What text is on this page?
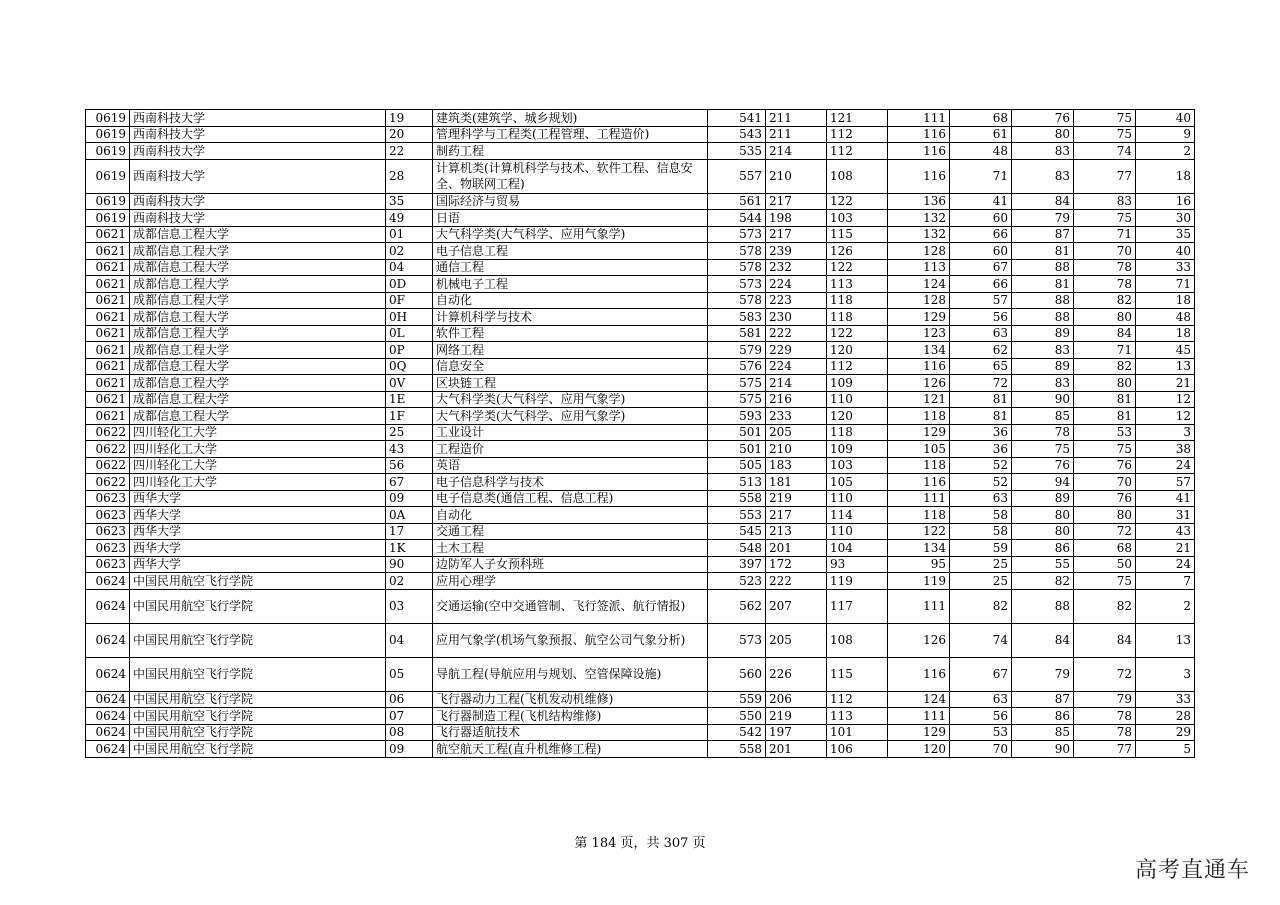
0619	西南科技大学	19	建筑类(建筑学、城乡规划)	541	211	121	111	68	76	75	40
0619	西南科技大学	20	管理科学与工程类(工程管理、工程造价)	543	211	112	116	61	80	75	9
0619	西南科技大学	22	制药工程	535	214	112	116	48	83	74	2
0619	西南科技大学	28	计算机类(计算机科学与技术、软件工程、信息安全、物联网工程)	557	210	108	116	71	83	77	18
0619	西南科技大学	35	国际经济与贸易	561	217	122	136	41	84	83	16
0619	西南科技大学	49	日语	544	198	103	132	60	79	75	30
0621	成都信息工程大学	01	大气科学类(大气科学、应用气象学)	573	217	115	132	66	87	71	35
0621	成都信息工程大学	02	电子信息工程	578	239	126	128	60	81	70	40
0621	成都信息工程大学	04	通信工程	578	232	122	113	67	88	78	33
0621	成都信息工程大学	0D	机械电子工程	573	224	113	124	66	81	78	71
0621	成都信息工程大学	0F	自动化	578	223	118	128	57	88	82	18
0621	成都信息工程大学	0H	计算机科学与技术	583	230	118	129	56	88	80	48
0621	成都信息工程大学	0L	软件工程	581	222	122	123	63	89	84	18
0621	成都信息工程大学	0P	网络工程	579	229	120	134	62	83	71	45
0621	成都信息工程大学	0Q	信息安全	576	224	112	116	65	89	82	13
0621	成都信息工程大学	0V	区块链工程	575	214	109	126	72	83	80	21
0621	成都信息工程大学	1E	大气科学类(大气科学、应用气象学)	575	216	110	121	81	90	81	12
0621	成都信息工程大学	1F	大气科学类(大气科学、应用气象学)	593	233	120	118	81	85	81	12
0622	四川轻化工大学	25	工业设计	501	205	118	129	36	78	53	3
0622	四川轻化工大学	43	工程造价	501	210	109	105	36	75	75	38
0622	四川轻化工大学	56	英语	505	183	103	118	52	76	76	24
0622	四川轻化工大学	67	电子信息科学与技术	513	181	105	116	52	94	70	57
0623	西华大学	09	电子信息类(通信工程、信息工程)	558	219	110	111	63	89	76	41
0623	西华大学	0A	自动化	553	217	114	118	58	80	80	31
0623	西华大学	17	交通工程	545	213	110	122	58	80	72	43
0623	西华大学	1K	土木工程	548	201	104	134	59	86	68	21
0623	西华大学	90	边防军人子女预科班	397	172	93	95	25	55	50	24
0624	中国民用航空飞行学院	02	应用心理学	523	222	119	119	25	82	75	7
0624	中国民用航空飞行学院	03	交通运输(空中交通管制、飞行签派、航行情报)	562	207	117	111	82	88	82	2
0624	中国民用航空飞行学院	04	应用气象学(机场气象预报、航空公司气象分析)	573	205	108	126	74	84	84	13
0624	中国民用航空飞行学院	05	导航工程(导航应用与规划、空管保障设施)	560	226	115	116	67	79	72	3
0624	中国民用航空飞行学院	06	飞行器动力工程(飞机发动机维修)	559	206	112	124	63	87	79	33
0624	中国民用航空飞行学院	07	飞行器制造工程(飞机结构维修)	550	219	113	111	56	86	78	28
0624	中国民用航空飞行学院	08	飞行器适航技术	542	197	101	129	53	85	78	29
0624	中国民用航空飞行学院	09	航空航天工程(直升机维修工程)	558	201	106	120	70	90	77	5
第 184 页，共 307 页
高考直通车
